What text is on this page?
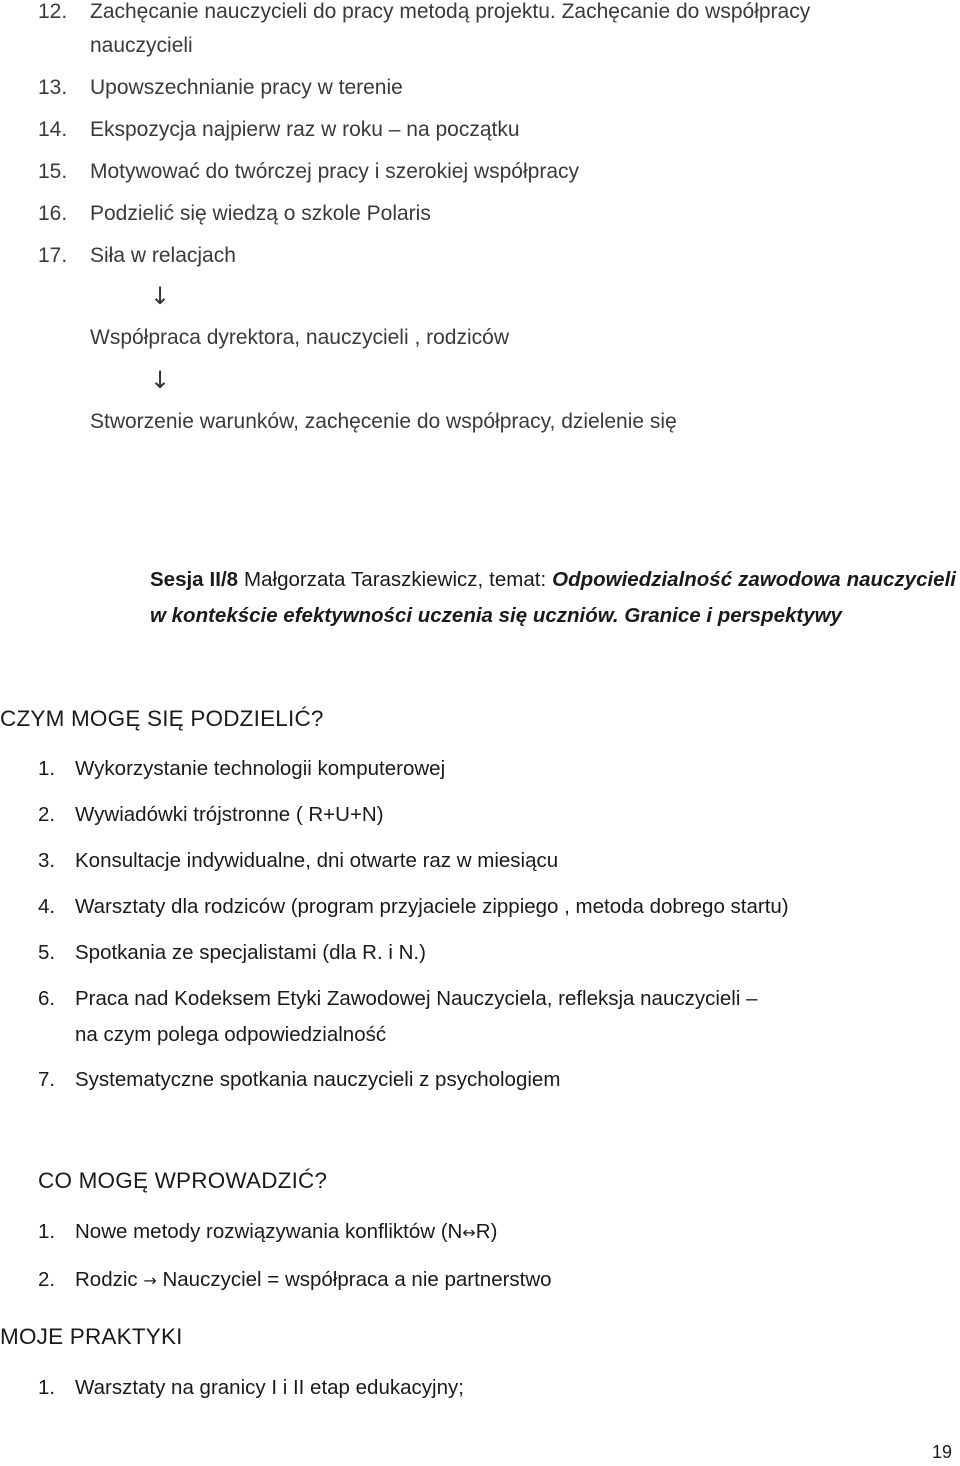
12. Zachęcanie nauczycieli do pracy metodą projektu. Zachęcanie do współpracy
nauczycieli
13. Upowszechnianie pracy w terenie
14. Ekspozycja najpierw raz w roku – na początku
15. Motywować do twórczej pracy i szerokiej współpracy
16. Podzielić się wiedzą o szkole Polaris
17. Siła w relacjach
↓
Współpraca dyrektora, nauczycieli , rodziców
↓
Stworzenie warunków, zachęcenie do współpracy, dzielenie się
Sesja II/8 Małgorzata Taraszkiewicz, temat: Odpowiedzialność zawodowa nauczycieli w kontekście efektywności uczenia się uczniów. Granice i perspektywy
CZYM MOGĘ SIĘ PODZIELIĆ?
1. Wykorzystanie technologii komputerowej
2. Wywiadówki trójstronne ( R+U+N)
3. Konsultacje indywidualne, dni otwarte raz w miesiącu
4. Warsztaty dla rodziców (program przyjaciele zippiego , metoda dobrego startu)
5. Spotkania ze specjalistami (dla R. i N.)
6. Praca nad Kodeksem Etyki Zawodowej Nauczyciela, refleksja nauczycieli –
na czym polega odpowiedzialność
7. Systematyczne spotkania nauczycieli z psychologiem
CO MOGĘ WPROWADZIĆ?
1. Nowe metody rozwiązywania konfliktów (N↔R)
2. Rodzic → Nauczyciel = współpraca a nie partnerstwo
MOJE PRAKTYKI
1. Warsztaty na granicy I i II etap edukacyjny;
19
